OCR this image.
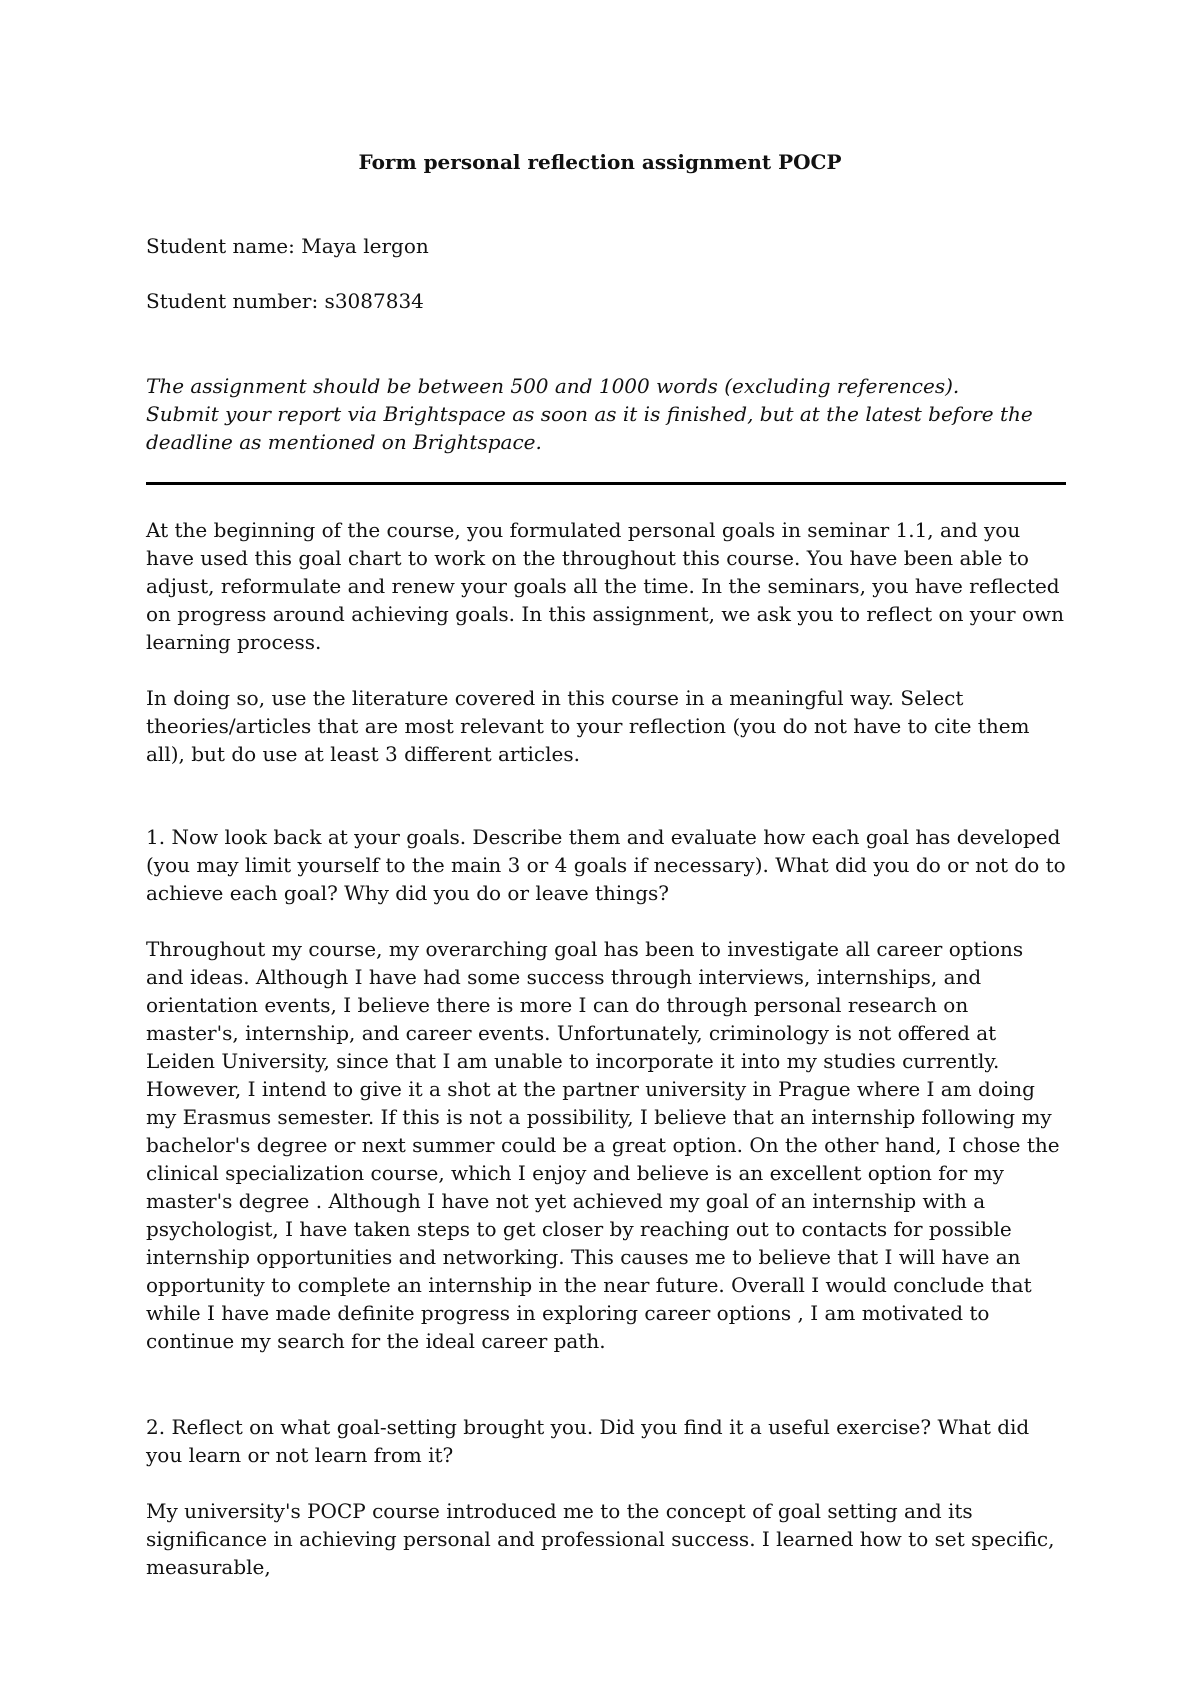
Form personal reflection assignment POCP

Student name: Maya lergon

Student number: s3087834

The assignment should be between 500 and 1000 words (excluding references).
Submit your report via Brightspace as soon as it is finished, but at the latest before the deadline as mentioned on Brightspace.

At the beginning of the course, you formulated personal goals in seminar 1.1, and you have used this goal chart to work on the throughout this course. You have been able to adjust, reformulate and renew your goals all the time. In the seminars, you have reflected on progress around achieving goals. In this assignment, we ask you to reflect on your own learning process.

In doing so, use the literature covered in this course in a meaningful way. Select theories/articles that are most relevant to your reflection (you do not have to cite them all), but do use at least 3 different articles.

1. Now look back at your goals. Describe them and evaluate how each goal has developed (you may limit yourself to the main 3 or 4 goals if necessary). What did you do or not do to achieve each goal? Why did you do or leave things?

Throughout my course, my overarching goal has been to investigate all career options and ideas. Although I have had some success through interviews, internships, and orientation events, I believe there is more I can do through personal research on master's, internship, and career events. Unfortunately, criminology is not offered at Leiden University, since that I am unable to incorporate it into my studies currently. However, I intend to give it a shot at the partner university in Prague where I am doing my Erasmus semester. If this is not a possibility, I believe that an internship following my bachelor's degree or next summer could be a great option. On the other hand, I chose the clinical specialization course, which I enjoy and believe is an excellent option for my master's degree . Although I have not yet achieved my goal of an internship with a psychologist, I have taken steps to get closer by reaching out to contacts for possible internship opportunities and networking. This causes me to believe that I will have an opportunity to complete an internship in the near future. Overall I would conclude that while I have made definite progress in exploring career options , I am motivated to continue my search for the ideal career path.

2. Reflect on what goal-setting brought you. Did you find it a useful exercise? What did you learn or not learn from it?

My university's POCP course introduced me to the concept of goal setting and its significance in achieving personal and professional success. I learned how to set specific, measurable,
